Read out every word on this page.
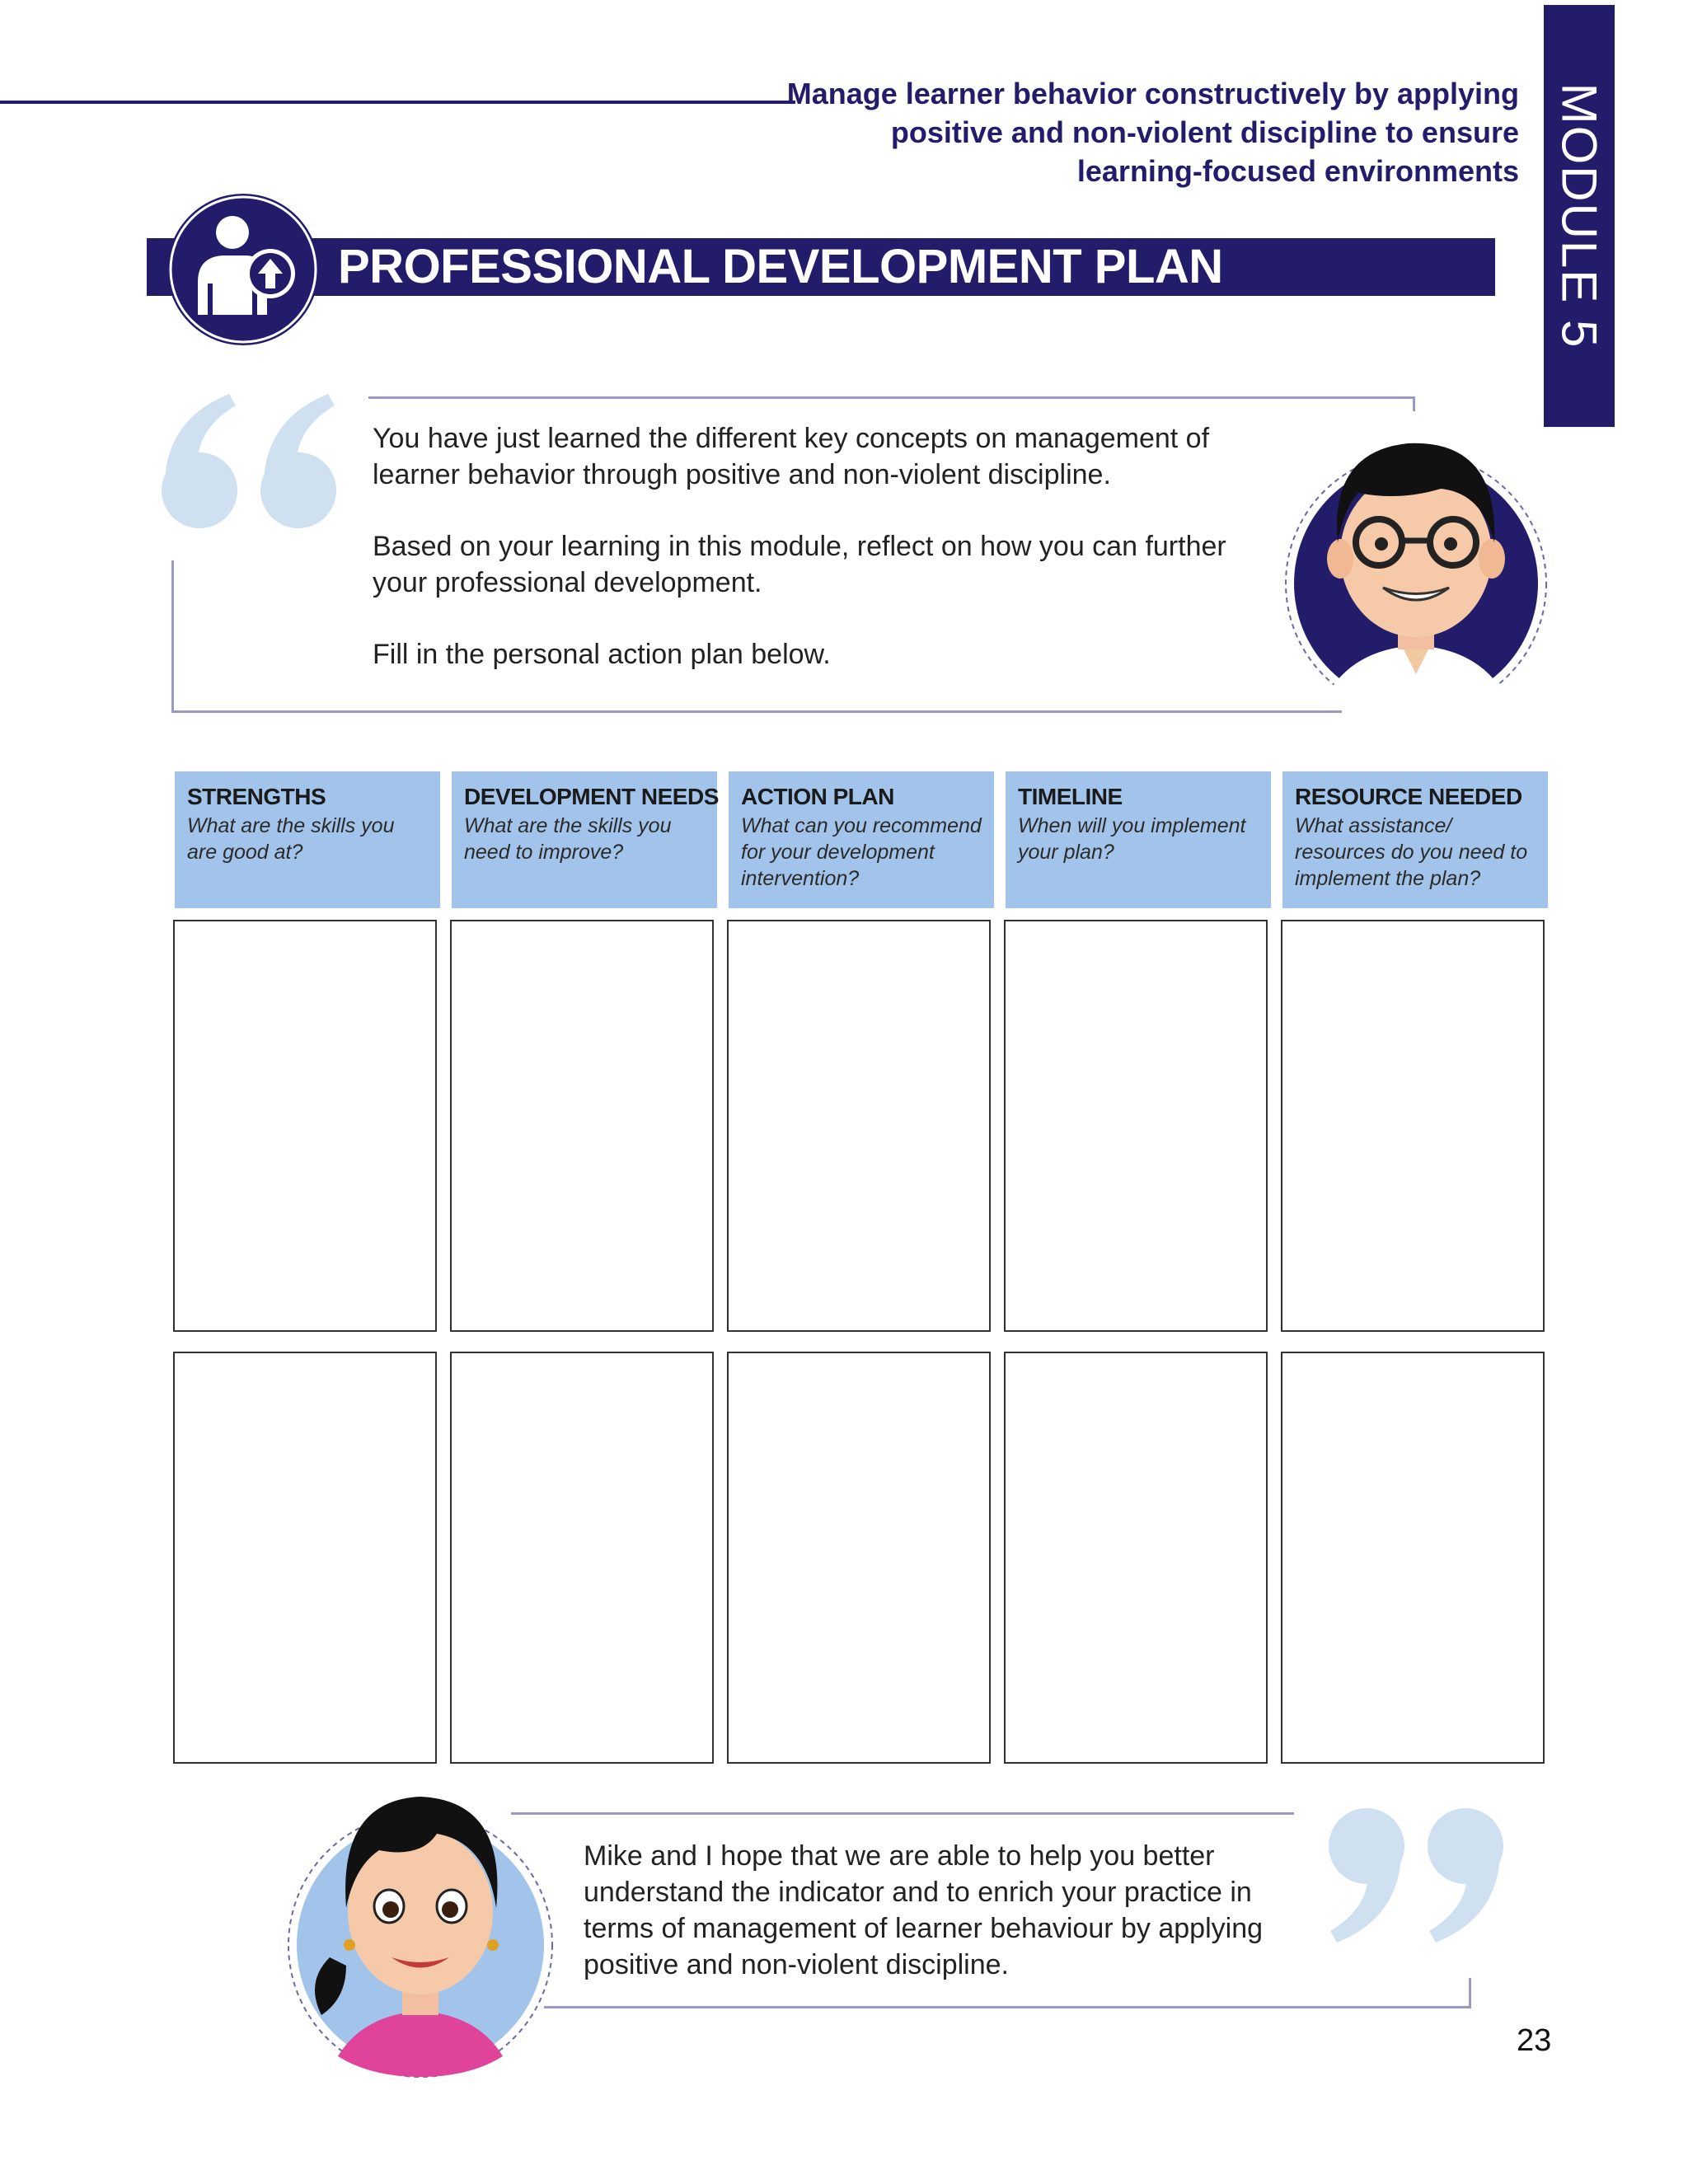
MODULE 5
Manage learner behavior constructively by applying
positive and non-violent discipline to ensure
learning-focused environments
PROFESSIONAL DEVELOPMENT PLAN

You have just learned the different key concepts on management of learner behavior through positive and non-violent discipline.

Based on your learning in this module, reflect on how you can further your professional development.

Fill in the personal action plan below.

STRENGTHS
What are the skills you are good at?
DEVELOPMENT NEEDS
What are the skills you need to improve?
ACTION PLAN
What can you recommend for your development intervention?
TIMELINE
When will you implement your plan?
RESOURCE NEEDED
What assistance/ resources do you need to implement the plan?
Mike and I hope that we are able to help you better understand the indicator and to enrich your practice in terms of management of learner behaviour by applying positive and non-violent discipline.
23
